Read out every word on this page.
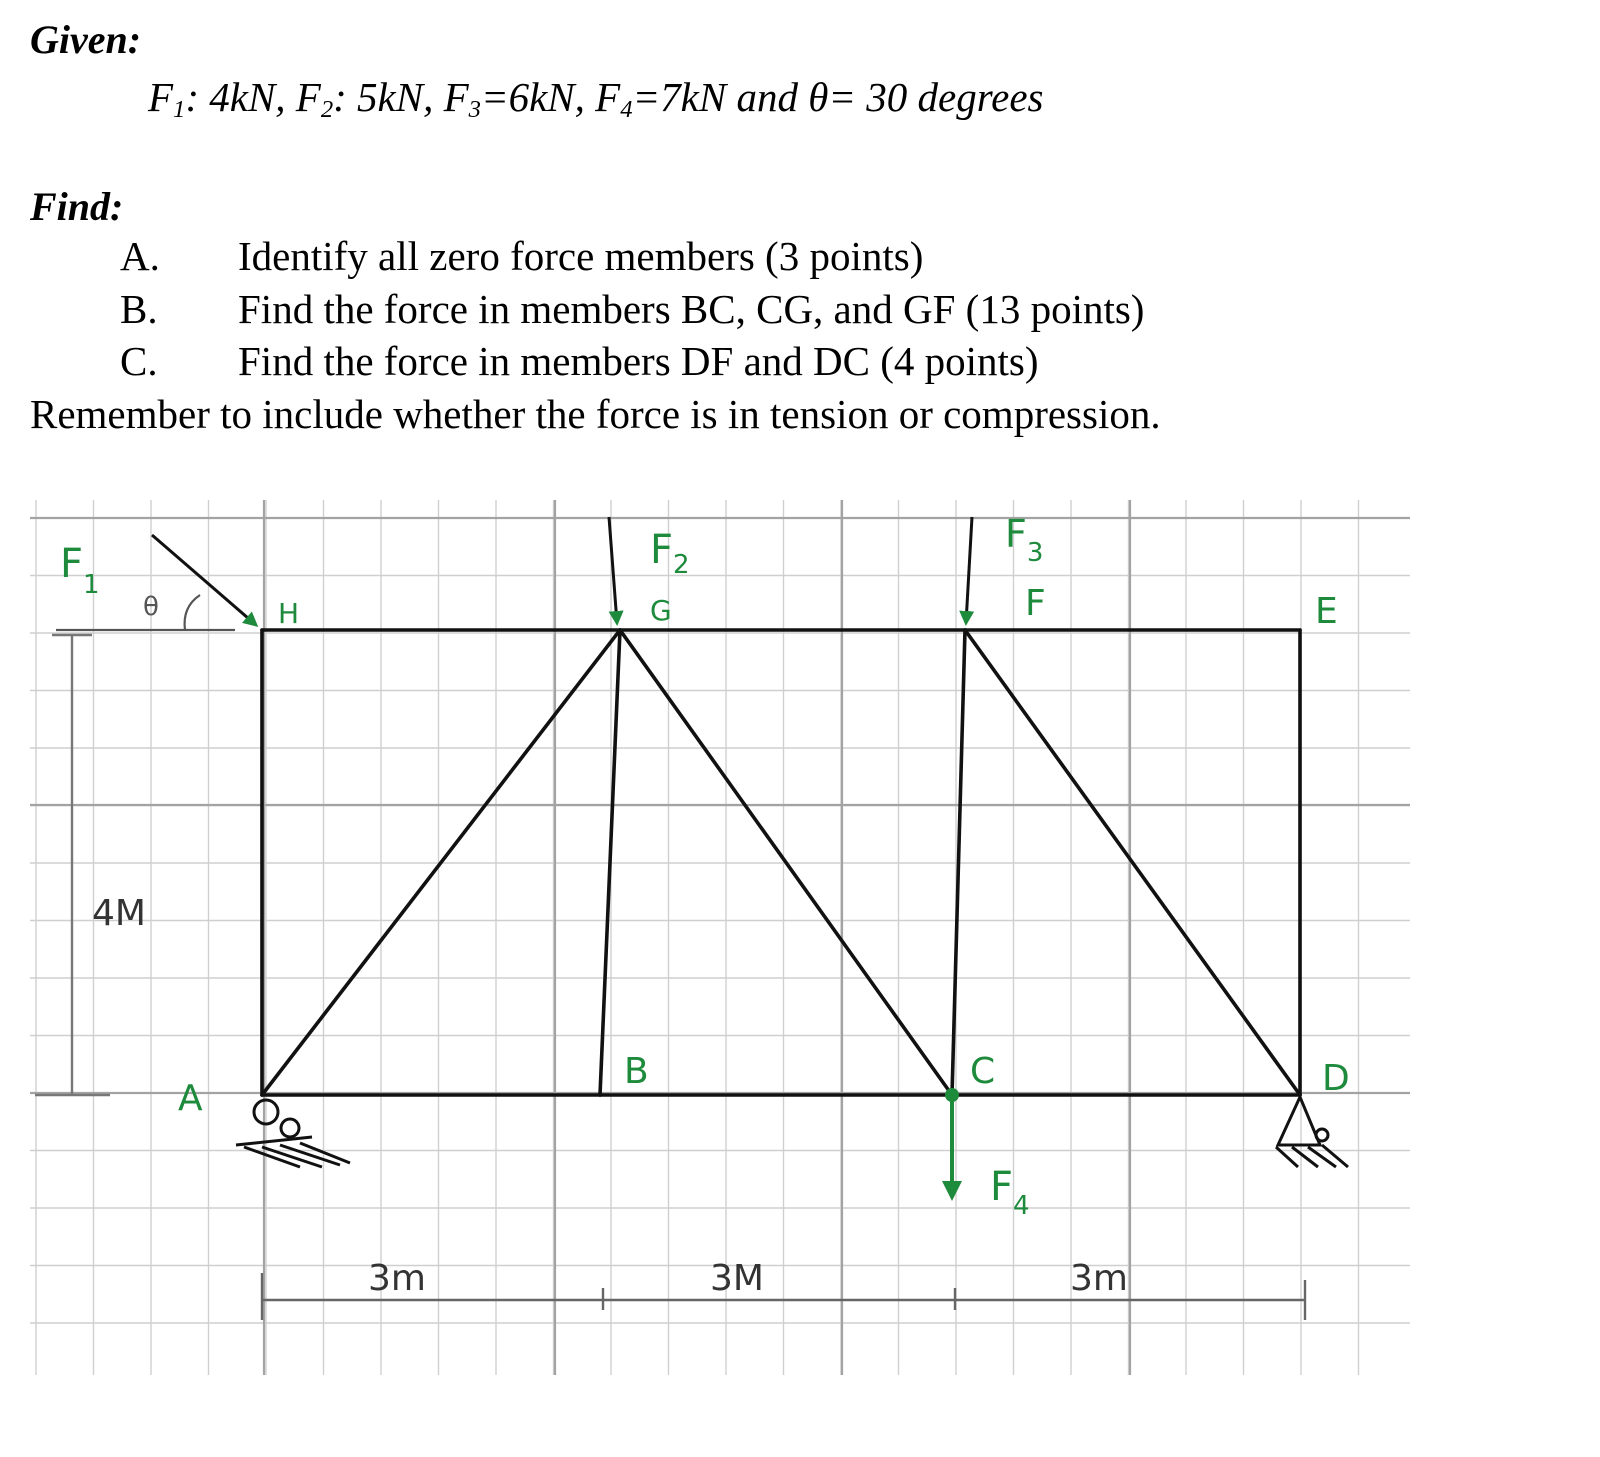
Given:
$F_1$: 4kN, $F_2$: 5kN, $F_3=6kN$, $F_4=7kN$ and θ= 30 degrees
Find:
A. Identify all zero force members (3 points)
B. Find the force in members BC, CG, and GF (13 points)
C. Find the force in members DF and DC (4 points)
Remember to include whether the force is in tension or compression.
θ
4M
3m	3M	3m
A
B	C	D
E
F
G
H
$F_1$
$F_2$
$F_3$
$F_4$
